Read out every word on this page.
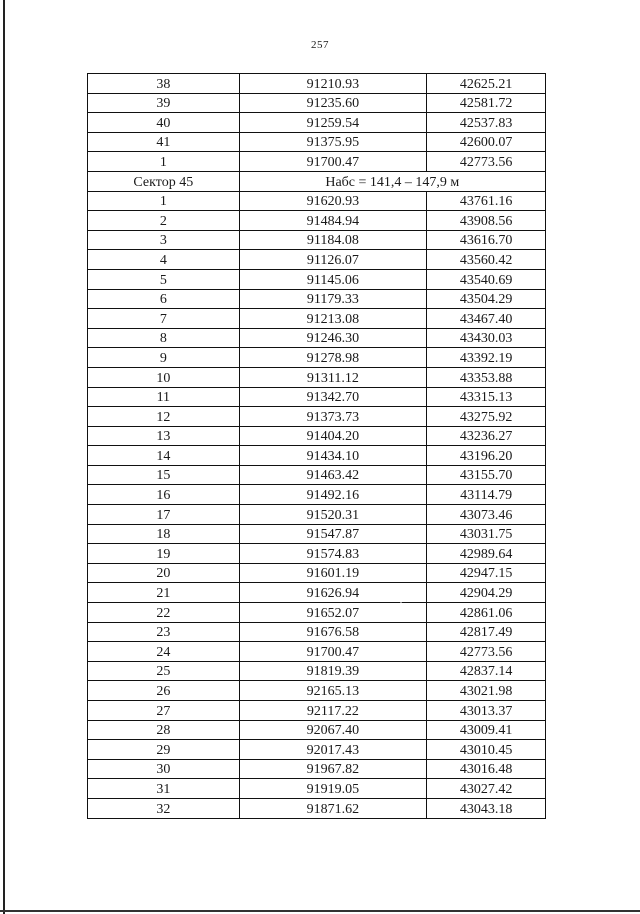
257
38	91210.93	42625.21
39	91235.60	42581.72
40	91259.54	42537.83
41	91375.95	42600.07
1	91700.47	42773.56
Сектор 45	Набс = 141,4 – 147,9 м	
1	91620.93	43761.16
2	91484.94	43908.56
3	91184.08	43616.70
4	91126.07	43560.42
5	91145.06	43540.69
6	91179.33	43504.29
7	91213.08	43467.40
8	91246.30	43430.03
9	91278.98	43392.19
10	91311.12	43353.88
11	91342.70	43315.13
12	91373.73	43275.92
13	91404.20	43236.27
14	91434.10	43196.20
15	91463.42	43155.70
16	91492.16	43114.79
17	91520.31	43073.46
18	91547.87	43031.75
19	91574.83	42989.64
20	91601.19	42947.15
21	91626.94	42904.29
22	91652.07	42861.06
23	91676.58	42817.49
24	91700.47	42773.56
25	91819.39	42837.14
26	92165.13	43021.98
27	92117.22	43013.37
28	92067.40	43009.41
29	92017.43	43010.45
30	91967.82	43016.48
31	91919.05	43027.42
32	91871.62	43043.18
